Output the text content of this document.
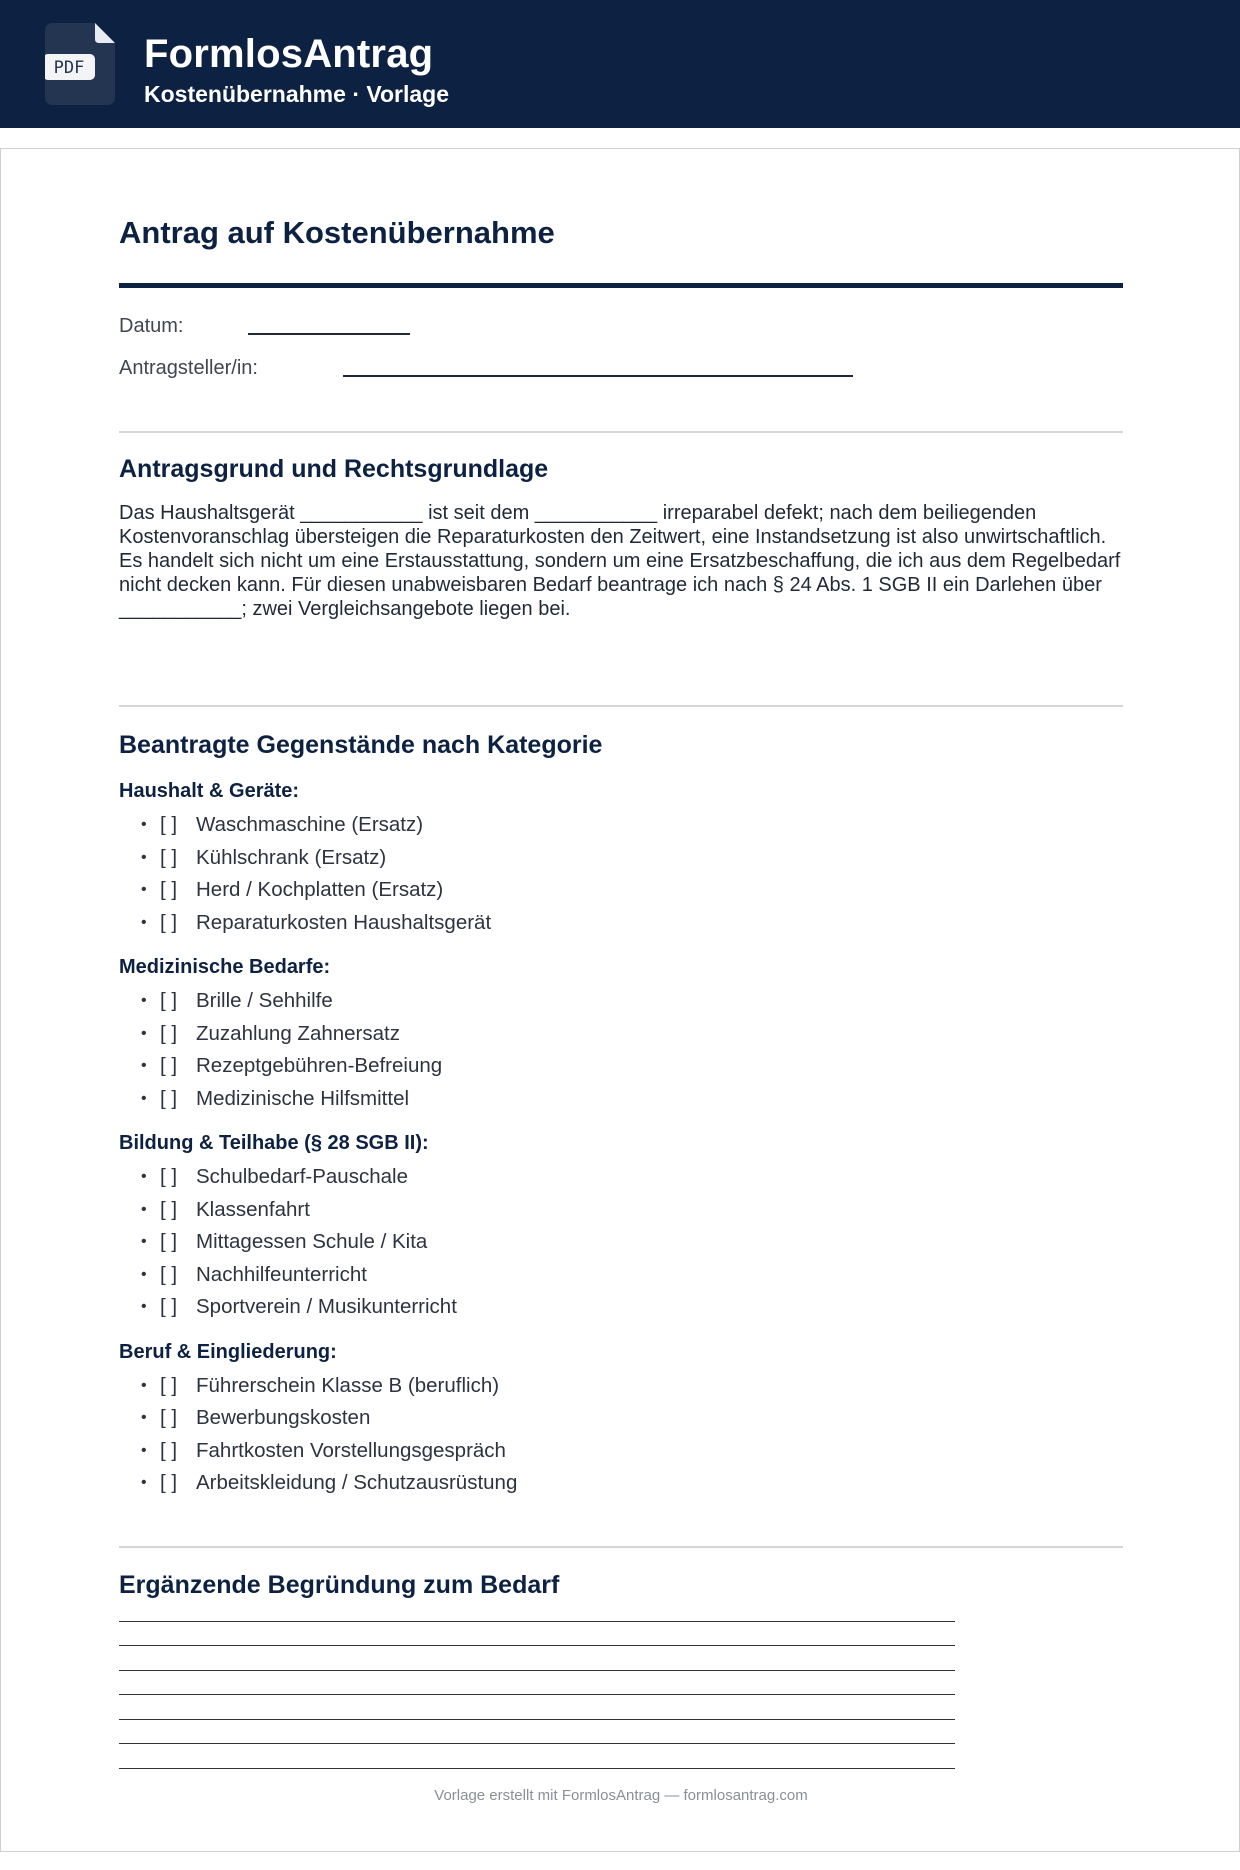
PDF FormlosAntrag
Kostenübernahme · Vorlage
Antrag auf Kostenübernahme
Datum:
Antragsteller/in:
Antragsgrund und Rechtsgrundlage
Das Haushaltsgerät ___________ ist seit dem ___________ irreparabel defekt; nach dem beiliegenden Kostenvoranschlag übersteigen die Reparaturkosten den Zeitwert, eine Instandsetzung ist also unwirtschaftlich. Es handelt sich nicht um eine Erstausstattung, sondern um eine Ersatzbeschaffung, die ich aus dem Regelbedarf nicht decken kann. Für diesen unabweisbaren Bedarf beantrage ich nach § 24 Abs. 1 SGB II ein Darlehen über ___________; zwei Vergleichsangebote liegen bei.
Beantragte Gegenstände nach Kategorie
Haushalt & Geräte:
• [ ] Waschmaschine (Ersatz)
• [ ] Kühlschrank (Ersatz)
• [ ] Herd / Kochplatten (Ersatz)
• [ ] Reparaturkosten Haushaltsgerät
Medizinische Bedarfe:
• [ ] Brille / Sehhilfe
• [ ] Zuzahlung Zahnersatz
• [ ] Rezeptgebühren-Befreiung
• [ ] Medizinische Hilfsmittel
Bildung & Teilhabe (§ 28 SGB II):
• [ ] Schulbedarf-Pauschale
• [ ] Klassenfahrt
• [ ] Mittagessen Schule / Kita
• [ ] Nachhilfeunterricht
• [ ] Sportverein / Musikunterricht
Beruf & Eingliederung:
• [ ] Führerschein Klasse B (beruflich)
• [ ] Bewerbungskosten
• [ ] Fahrtkosten Vorstellungsgespräch
• [ ] Arbeitskleidung / Schutzausrüstung
Ergänzende Begründung zum Bedarf
Vorlage erstellt mit FormlosAntrag — formlosantrag.com
